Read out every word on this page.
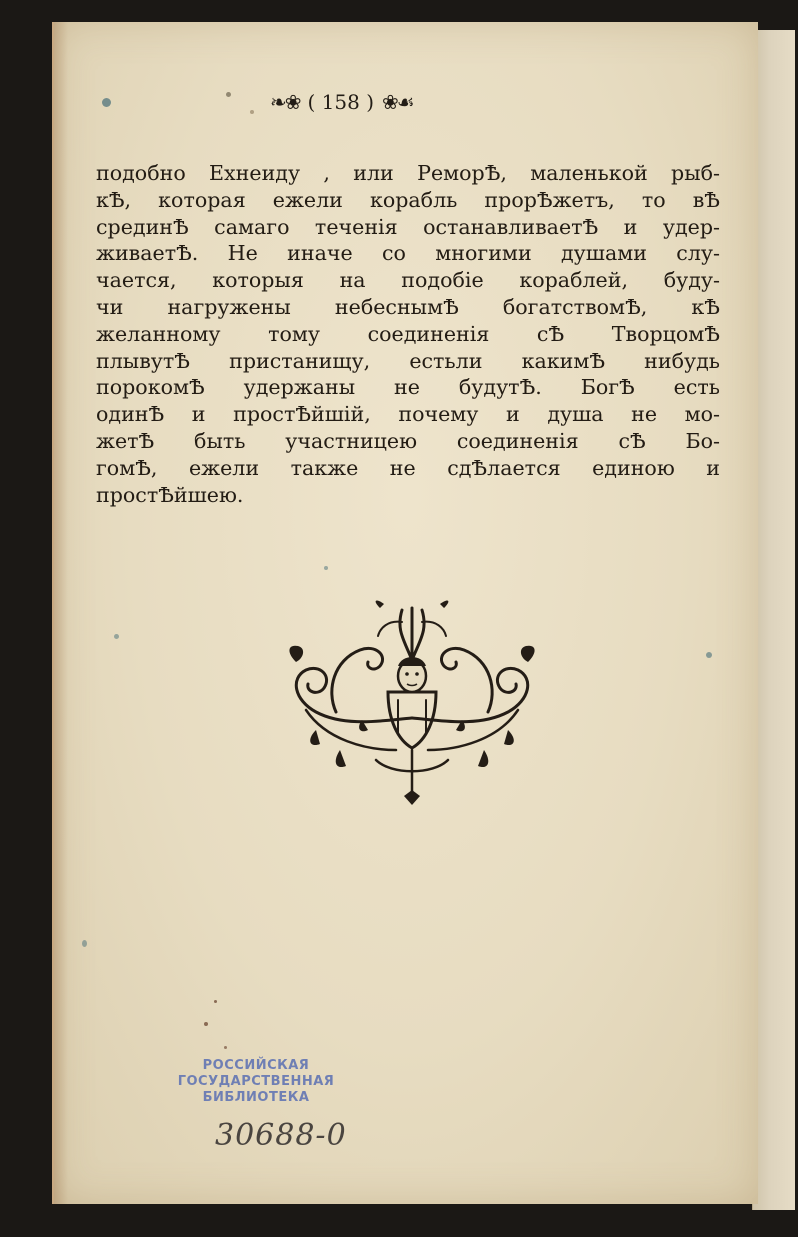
❧❀ ( 158 ) ❀☙
подобно Ехнеиду , или РеморѢ, маленькой рыб-
кѢ, которая ежели корабль прорѢжетъ, то вѢ
срединѢ самаго теченія останавливаетѢ и удер-
живаетѢ. Не иначе со многими душами слу-
чается, которыя на подобіе кораблей, буду-
чи нагружены небеснымѢ богатствомѢ, кѢ
желанному тому соединенія сѢ ТворцомѢ
плывутѢ пристанищу, естьли какимѢ нибудь
порокомѢ удержаны не будутѢ. БогѢ есть
одинѢ и простѢйшій, почему и душа не мо-
жетѢ быть участницею соединенія сѢ Бо-
гомѢ, ежели также не сдѢлается единою и
простѢйшею.
РОССИЙСКАЯ
ГОСУДАРСТВЕННАЯ
БИБЛИОТЕКА
30688-0
